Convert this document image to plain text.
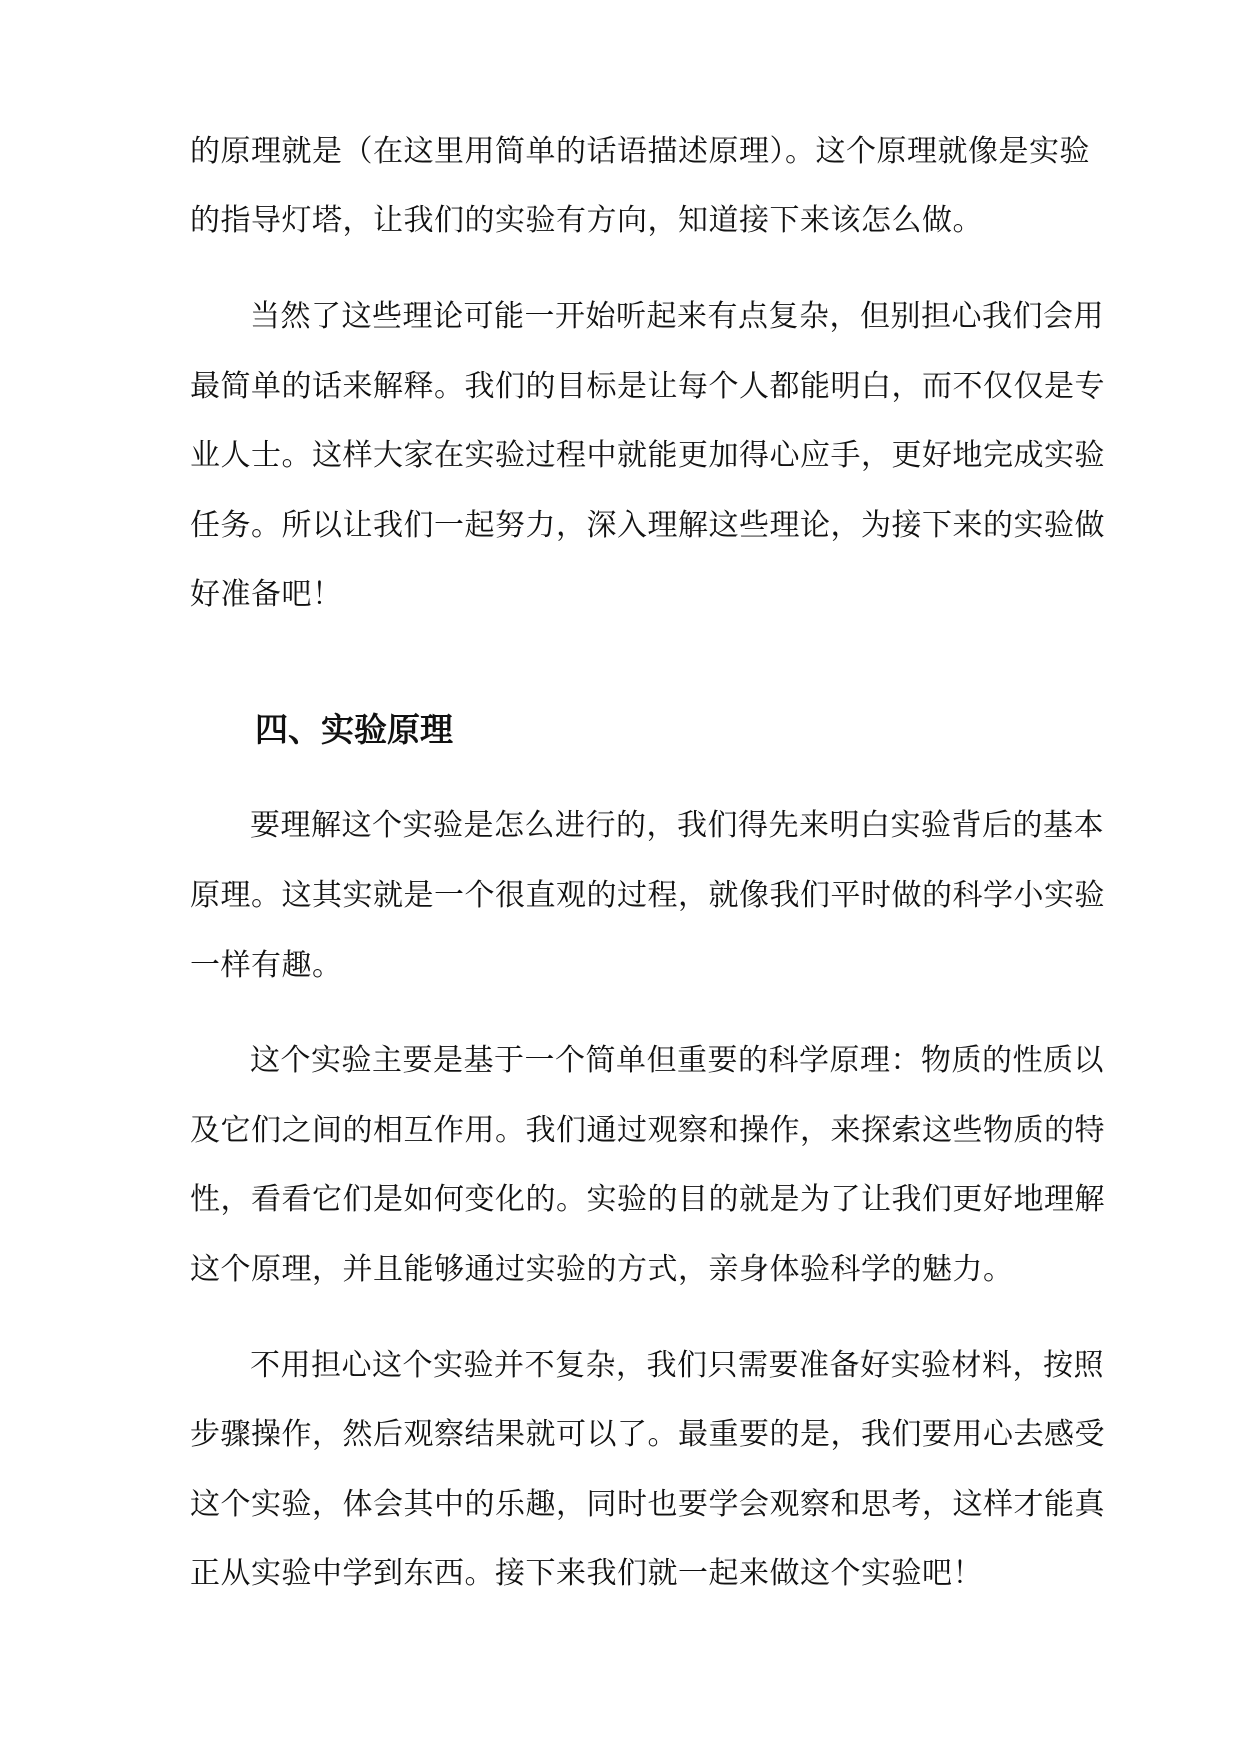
的原理就是（在这里用简单的话语描述原理）。这个原理就像是实验
的指导灯塔，让我们的实验有方向，知道接下来该怎么做。
当然了这些理论可能一开始听起来有点复杂，但别担心我们会用
最简单的话来解释。我们的目标是让每个人都能明白，而不仅仅是专
业人士。这样大家在实验过程中就能更加得心应手，更好地完成实验
任务。所以让我们一起努力，深入理解这些理论，为接下来的实验做
好准备吧！
四、实验原理
要理解这个实验是怎么进行的，我们得先来明白实验背后的基本
原理。这其实就是一个很直观的过程，就像我们平时做的科学小实验
一样有趣。
这个实验主要是基于一个简单但重要的科学原理：物质的性质以
及它们之间的相互作用。我们通过观察和操作，来探索这些物质的特
性，看看它们是如何变化的。实验的目的就是为了让我们更好地理解
这个原理，并且能够通过实验的方式，亲身体验科学的魅力。
不用担心这个实验并不复杂，我们只需要准备好实验材料，按照
步骤操作，然后观察结果就可以了。最重要的是，我们要用心去感受
这个实验，体会其中的乐趣，同时也要学会观察和思考，这样才能真
正从实验中学到东西。接下来我们就一起来做这个实验吧！
